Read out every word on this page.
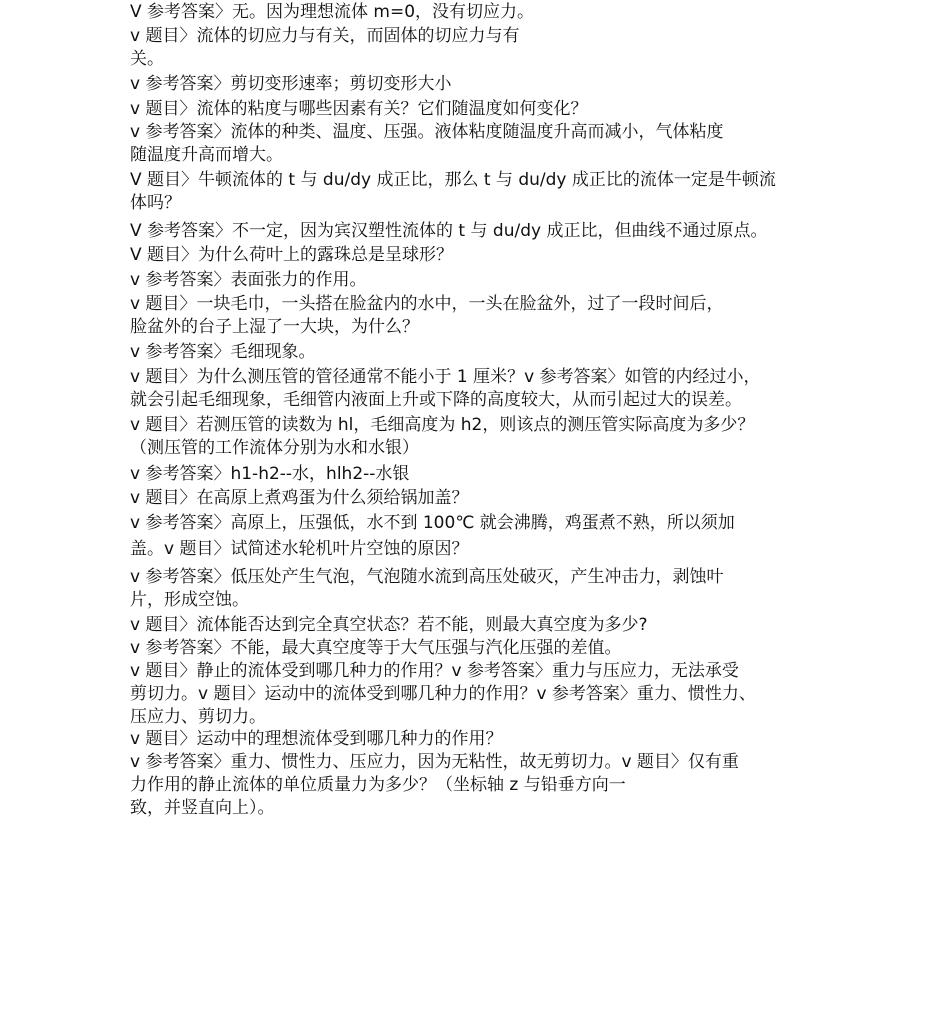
V 参考答案〉无。因为理想流体 m=0，没有切应力。

v 题目〉流体的切应力与有关，而固体的切应力与有
关。

v 参考答案〉剪切变形速率；剪切变形大小

v 题目〉流体的粘度与哪些因素有关？它们随温度如何变化？

v 参考答案〉流体的种类、温度、压强。液体粘度随温度升高而减小，气体粘度
随温度升高而增大。

V 题目〉牛顿流体的 t 与 du/dy 成正比，那么 t 与 du/dy 成正比的流体一定是牛顿流
体吗？

V 参考答案〉不一定，因为宾汉塑性流体的 t 与 du/dy 成正比，但曲线不通过原点。

V 题目〉为什么荷叶上的露珠总是呈球形？

v 参考答案〉表面张力的作用。

v 题目〉一块毛巾，一头搭在脸盆内的水中，一头在脸盆外，过了一段时间后，
脸盆外的台子上湿了一大块，为什么？

v 参考答案〉毛细现象。

v 题目〉为什么测压管的管径通常不能小于 1 厘米？v 参考答案〉如管的内经过小，
就会引起毛细现象，毛细管内液面上升或下降的高度较大，从而引起过大的误差。

v 题目〉若测压管的读数为 hl，毛细高度为 h2，则该点的测压管实际高度为多少？
（测压管的工作流体分别为水和水银）

v 参考答案〉h1-h2--水，hlh2--水银

v 题目〉在高原上煮鸡蛋为什么须给锅加盖？

v 参考答案〉高原上，压强低，水不到 100℃ 就会沸腾，鸡蛋煮不熟，所以须加

盖。v 题目〉试简述水轮机叶片空蚀的原因？

v 参考答案〉低压处产生气泡，气泡随水流到高压处破灭，产生冲击力，剥蚀叶
片，形成空蚀。

v 题目〉流体能否达到完全真空状态？若不能，则最大真空度为多少?

v 参考答案〉不能，最大真空度等于大气压强与汽化压强的差值。

v 题目〉静止的流体受到哪几种力的作用？v 参考答案〉重力与压应力，无法承受
剪切力。v 题目〉运动中的流体受到哪几种力的作用？v 参考答案〉重力、惯性力、
压应力、剪切力。

v 题目〉运动中的理想流体受到哪几种力的作用？

v 参考答案〉重力、惯性力、压应力，因为无粘性，故无剪切力。v 题目〉仅有重
力作用的静止流体的单位质量力为多少？（坐标轴 z 与铅垂方向一
致，并竖直向上）。
